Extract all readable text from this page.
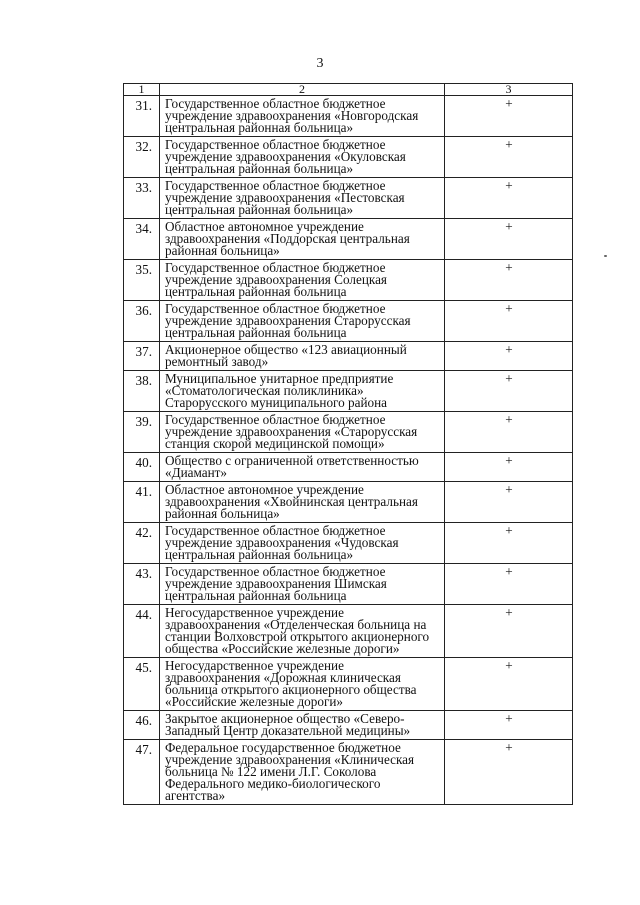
3
1	2	3
31.	Государственное областное бюджетное учреждение здравоохранения «Новгородская центральная районная больница»	+
32.	Государственное областное бюджетное учреждение здравоохранения «Окуловская центральная районная больница»	+
33.	Государственное областное бюджетное учреждение здравоохранения «Пестовская центральная районная больница»	+
34.	Областное автономное учреждение здравоохранения «Поддорская центральная районная больница»	+
35.	Государственное областное бюджетное учреждение здравоохранения Солецкая центральная районная больница	+
36.	Государственное областное бюджетное учреждение здравоохранения Старорусская центральная районная больница	+
37.	Акционерное общество «123 авиационный ремонтный завод»	+
38.	Муниципальное унитарное предприятие «Стоматологическая поликлиника» Старорусского муниципального района	+
39.	Государственное областное бюджетное учреждение здравоохранения «Старорусская станция скорой медицинской помощи»	+
40.	Общество с ограниченной ответственностью «Диамант»	+
41.	Областное автономное учреждение здравоохранения «Хвойнинская центральная районная больница»	+
42.	Государственное областное бюджетное учреждение здравоохранения «Чудовская центральная районная больница»	+
43.	Государственное областное бюджетное учреждение здравоохранения Шимская центральная районная больница	+
44.	Негосударственное учреждение здравоохранения «Отделенческая больница на станции Волховстрой открытого акционерного общества «Российские железные дороги»	+
45.	Негосударственное учреждение здравоохранения «Дорожная клиническая больница открытого акционерного общества «Российские железные дороги»	+
46.	Закрытое акционерное общество «Северо-Западный Центр доказательной медицины»	+
47.	Федеральное государственное бюджетное учреждение здравоохранения «Клиническая больница № 122 имени Л.Г. Соколова Федерального медико-биологического агентства»	+
